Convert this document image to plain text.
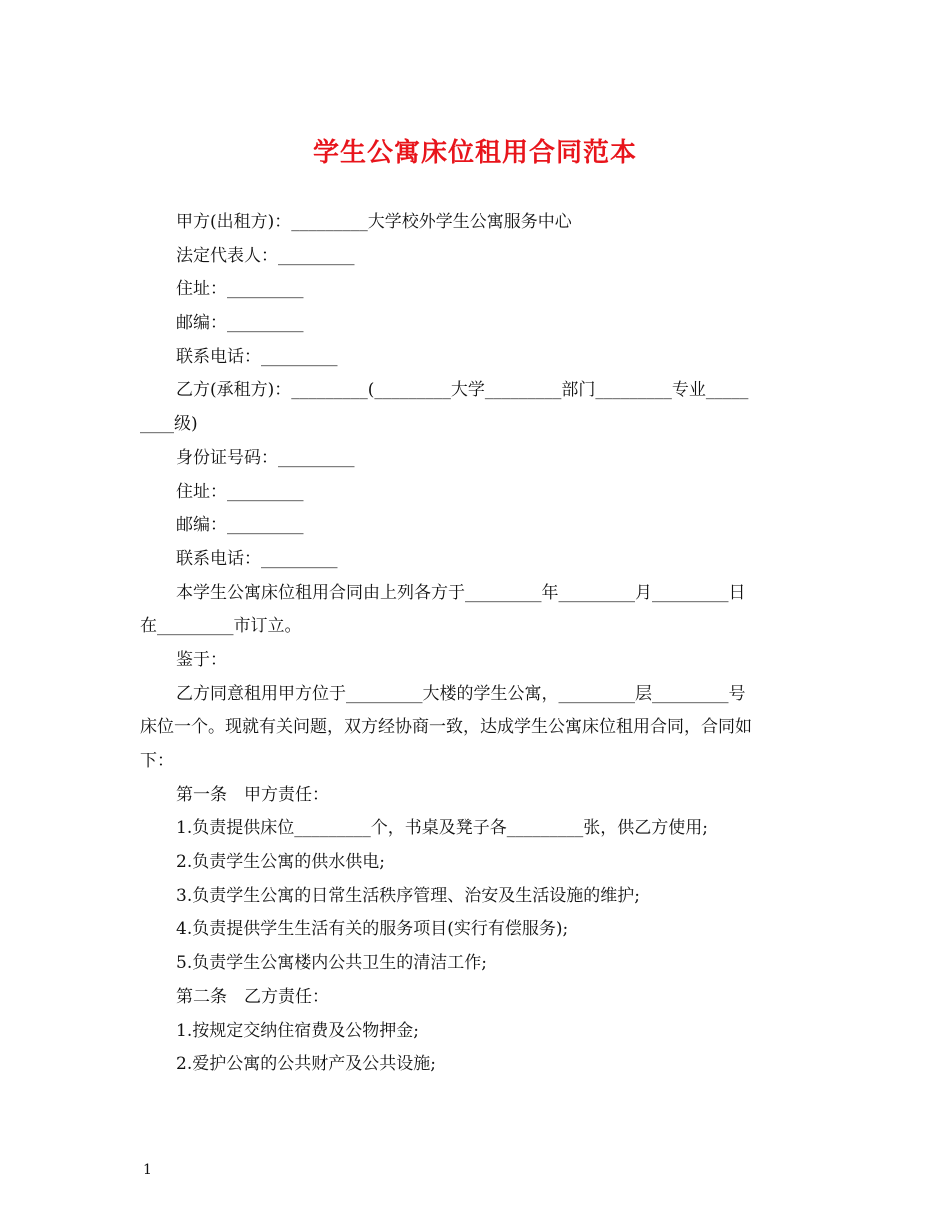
学生公寓床位租用合同范本
甲方(出租方)：_________大学校外学生公寓服务中心
法定代表人：_________
住址：_________
邮编：_________
联系电话：_________
乙方(承租方)：_________(_________大学_________部门_________专业_____
____级)
身份证号码：_________
住址：_________
邮编：_________
联系电话：_________
本学生公寓床位租用合同由上列各方于_________年_________月_________日
在_________市订立。
鉴于：
乙方同意租用甲方位于_________大楼的学生公寓，_________层_________号
床位一个。现就有关问题，双方经协商一致，达成学生公寓床位租用合同，合同如
下：
第一条　甲方责任：
1.负责提供床位_________个，书桌及凳子各_________张，供乙方使用;
2.负责学生公寓的供水供电;
3.负责学生公寓的日常生活秩序管理、治安及生活设施的维护;
4.负责提供学生生活有关的服务项目(实行有偿服务);
5.负责学生公寓楼内公共卫生的清洁工作;
第二条　乙方责任：
1.按规定交纳住宿费及公物押金;
2.爱护公寓的公共财产及公共设施;
1
